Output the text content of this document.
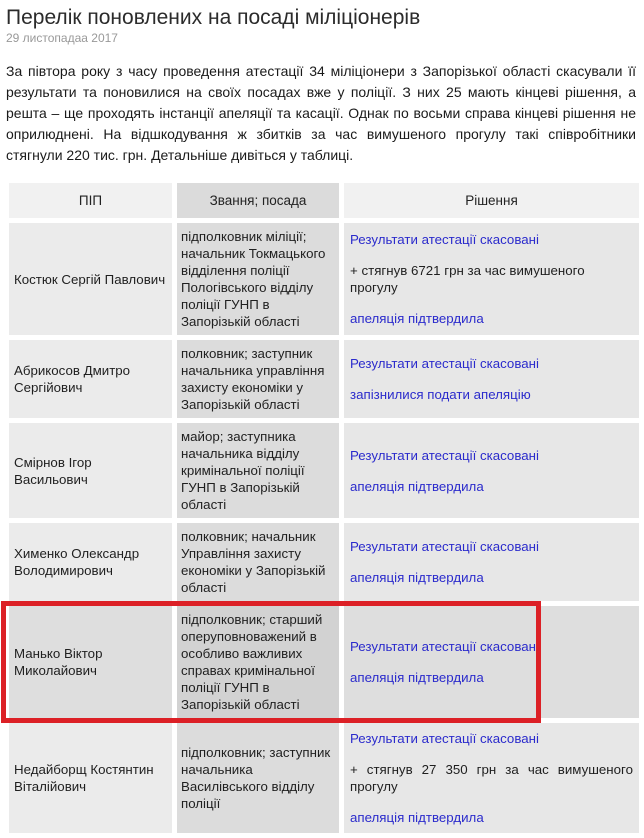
Перелік поновлених на посаді міліціонерів
29 листопадаа 2017

За півтора року з часу проведення атестації 34 міліціонери з Запорізької області скасували її результати та поновилися на своїх посадах вже у поліції. З них 25 мають кінцеві рішення, а решта – ще проходять інстанції апеляції та касації. Однак по восьми справа кінцеві рішення не оприлюднені. На відшкодування ж збитків за час вимушеного прогулу такі співробітники стягнули 220 тис. грн. Детальніше дивіться у таблиці.

ПІП	Звання; посада	Рішення
Костюк Сергій Павлович	підполковник міліції; начальник Токмацького відділення поліції Пологівського відділу поліції ГУНП в Запорізькій області	Результати атестації скасовані

+ стягнув 6721 грн за час вимушеного прогулу

апеляція підтвердила

Абрикосов Дмитро Сергійович	полковник; заступник начальника управління захисту економіки у Запорізькій області	Результати атестації скасовані
запізнилися подати апеляцію

Смірнов Ігор Васильович	майор; заступника начальника відділу кримінальної поліції ГУНП в Запорізькій області	Результати атестації скасовані
апеляція підтвердила

Хименко Олександр Володимирович	полковник; начальник Управління захисту економіки у Запорізькій області	Результати атестації скасовані
апеляція підтвердила

Манько Віктор Миколайович	підполковник; старший оперуповноважений в особливо важливих справах кримінальної поліції ГУНП в Запорізькій області	Результати атестації скасовані
апеляція підтвердила

Недайборщ Костянтин Віталійович	підполковник; заступник начальника Василівського відділу поліції	Результати атестації скасовані

+ стягнув 27 350 грн за час вимушеного прогулу

апеляція підтвердила
